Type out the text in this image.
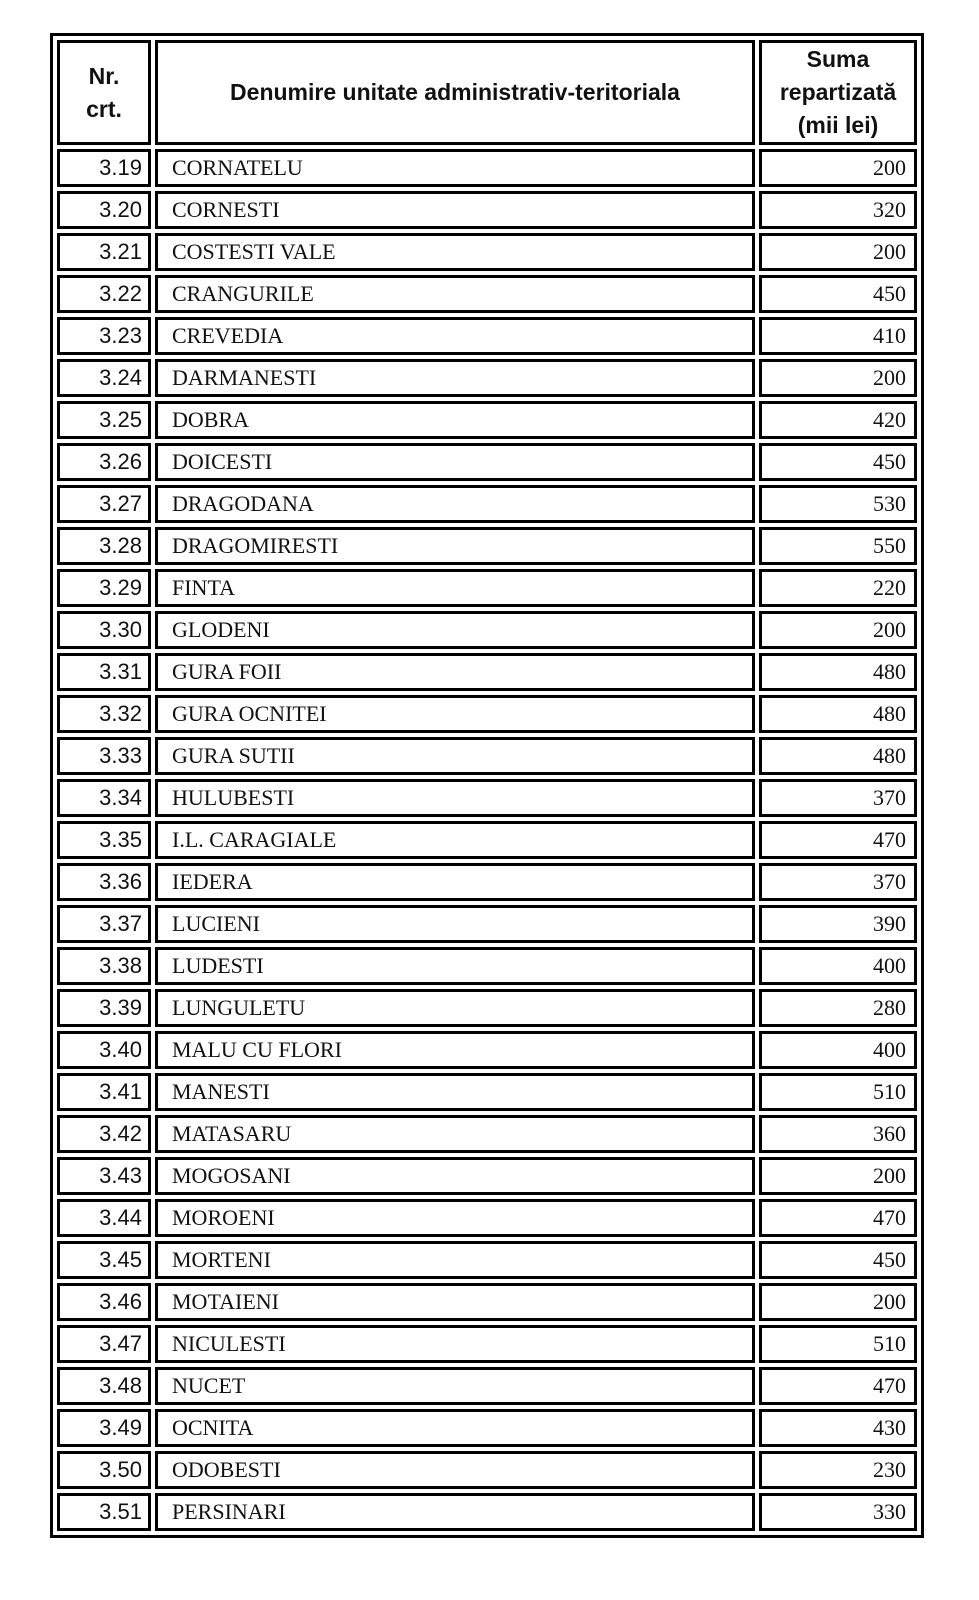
Nr.
crt.	Denumire unitate administrativ-teritoriala	Suma
repartizată
(mii lei)

3.19	CORNATELU	200
3.20	CORNESTI	320
3.21	COSTESTI VALE	200
3.22	CRANGURILE	450
3.23	CREVEDIA	410
3.24	DARMANESTI	200
3.25	DOBRA	420
3.26	DOICESTI	450
3.27	DRAGODANA	530
3.28	DRAGOMIRESTI	550
3.29	FINTA	220
3.30	GLODENI	200
3.31	GURA FOII	480
3.32	GURA OCNITEI	480
3.33	GURA SUTII	480
3.34	HULUBESTI	370
3.35	I.L. CARAGIALE	470
3.36	IEDERA	370
3.37	LUCIENI	390
3.38	LUDESTI	400
3.39	LUNGULETU	280
3.40	MALU CU FLORI	400
3.41	MANESTI	510
3.42	MATASARU	360
3.43	MOGOSANI	200
3.44	MOROENI	470
3.45	MORTENI	450
3.46	MOTAIENI	200
3.47	NICULESTI	510
3.48	NUCET	470
3.49	OCNITA	430
3.50	ODOBESTI	230
3.51	PERSINARI	330
